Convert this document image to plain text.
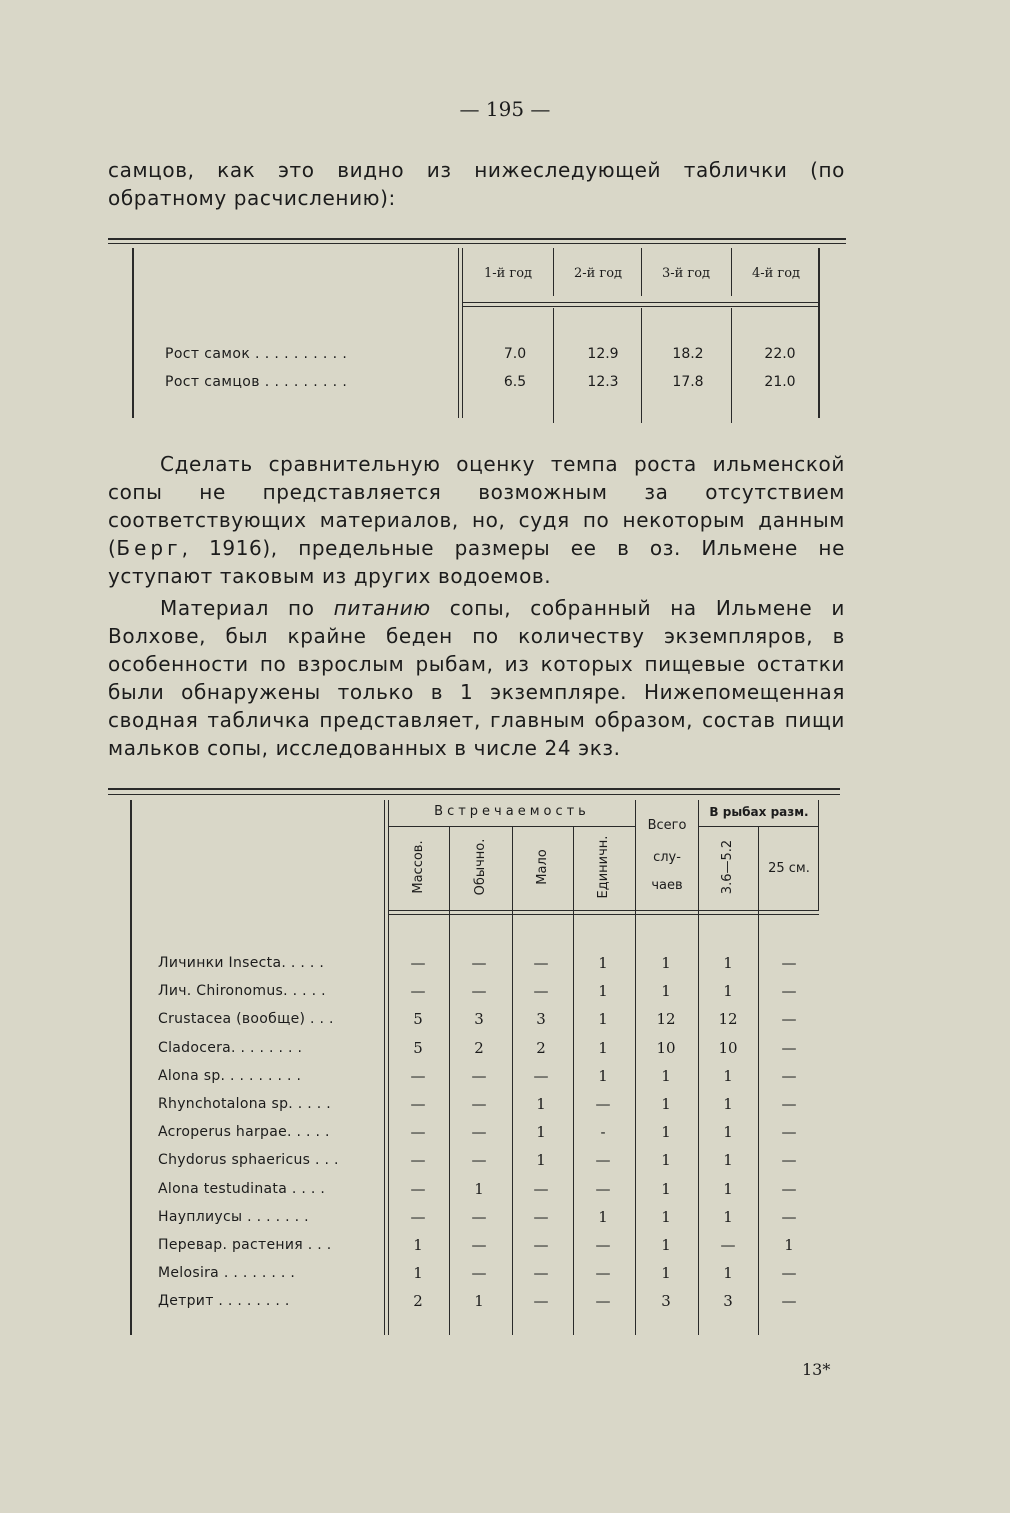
— 195 —
самцов, как это видно из нижеследующей таблички (по обратному расчислению):
1-й год	2-й год	3-й год	4-й год
Рост самок . . . . . . . . . .	7.0	12.9	18.2	22.0
Рост самцов . . . . . . . . .	6.5	12.3	17.8	21.0
Сделать сравнительную оценку темпа роста ильменской сопы не представляется возможным за отсутствием соответствующих материалов, но, судя по некоторым данным (Берг, 1916), предельные размеры ее в оз. Ильмене не уступают таковым из других водоемов.
Материал по питанию сопы, собранный на Ильмене и Волхове, был крайне беден по количеству экземпляров, в особенности по взрослым рыбам, из которых пищевые остатки были обнаружены только в 1 экземпляре. Нижепомещенная сводная табличка представляет, главным образом, состав пищи мальков сопы, исследованных в числе 24 экз.
Встречаемость	В рыбах разм.
Массов.	Обычно.	Мало	Единичн.	3.6—5.2
Всего
слу-
чаев
25 см.
Личинки Insecta. . . . .	—	—	—	1	1	1	—
Лич. Chironomus. . . . .	—	—	—	1	1	1	—
Crustacea (вообще) . . .	5	3	3	1	12	12	—
Cladocera. . . . . . . .	5	2	2	1	10	10	—
Alona sp. . . . . . . . .	—	—	—	1	1	1	—
Rhynchotalona sp. . . . .	—	—	1	—	1	1	—
Acroperus harpae. . . . .	—	—	1	-	1	1	—
Chydorus sphaericus . . .	—	—	1	—	1	1	—
Alona testudinata . . . .	—	1	—	—	1	1	—
Науплиусы . . . . . . .	—	—	—	1	1	1	—
Перевар. растения . . .	1	—	—	—	1	—	1
Melosira . . . . . . . .	1	—	—	—	1	1	—
Детрит . . . . . . . .	2	1	—	—	3	3	—
13*
